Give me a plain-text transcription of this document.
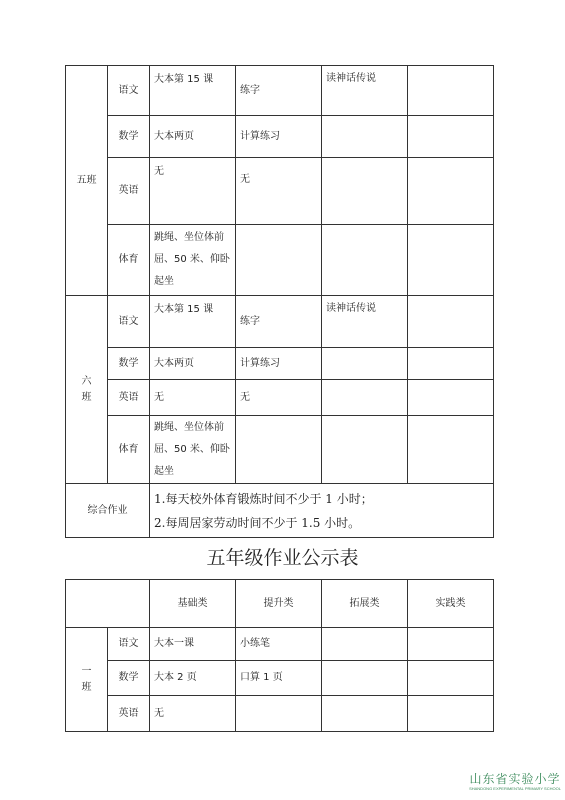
五班	语文	大本第 15 课	练字	读神话传说	
	数学	大本两页	计算练习		
	英语	无	无		
	体育	跳绳、坐位体前屈、50 米、仰卧起坐			
六
班	语文	大本第 15 课	练字	读神话传说	
	数学	大本两页	计算练习		
	英语	无	无		
	体育	跳绳、坐位体前屈、50 米、仰卧起坐			
综合作业		1.每天校外体育锻炼时间不少于 1 小时；
2.每周居家劳动时间不少于 1.5 小时。			
五年级作业公示表
		基础类	提升类	拓展类	实践类
一
班	语文	大本一课	小练笔		
	数学	大本 2 页	口算 1 页		
	英语	无			
山东省实验小学
SHANDONG EXPERIMENTAL PRIMARY SCHOOL
